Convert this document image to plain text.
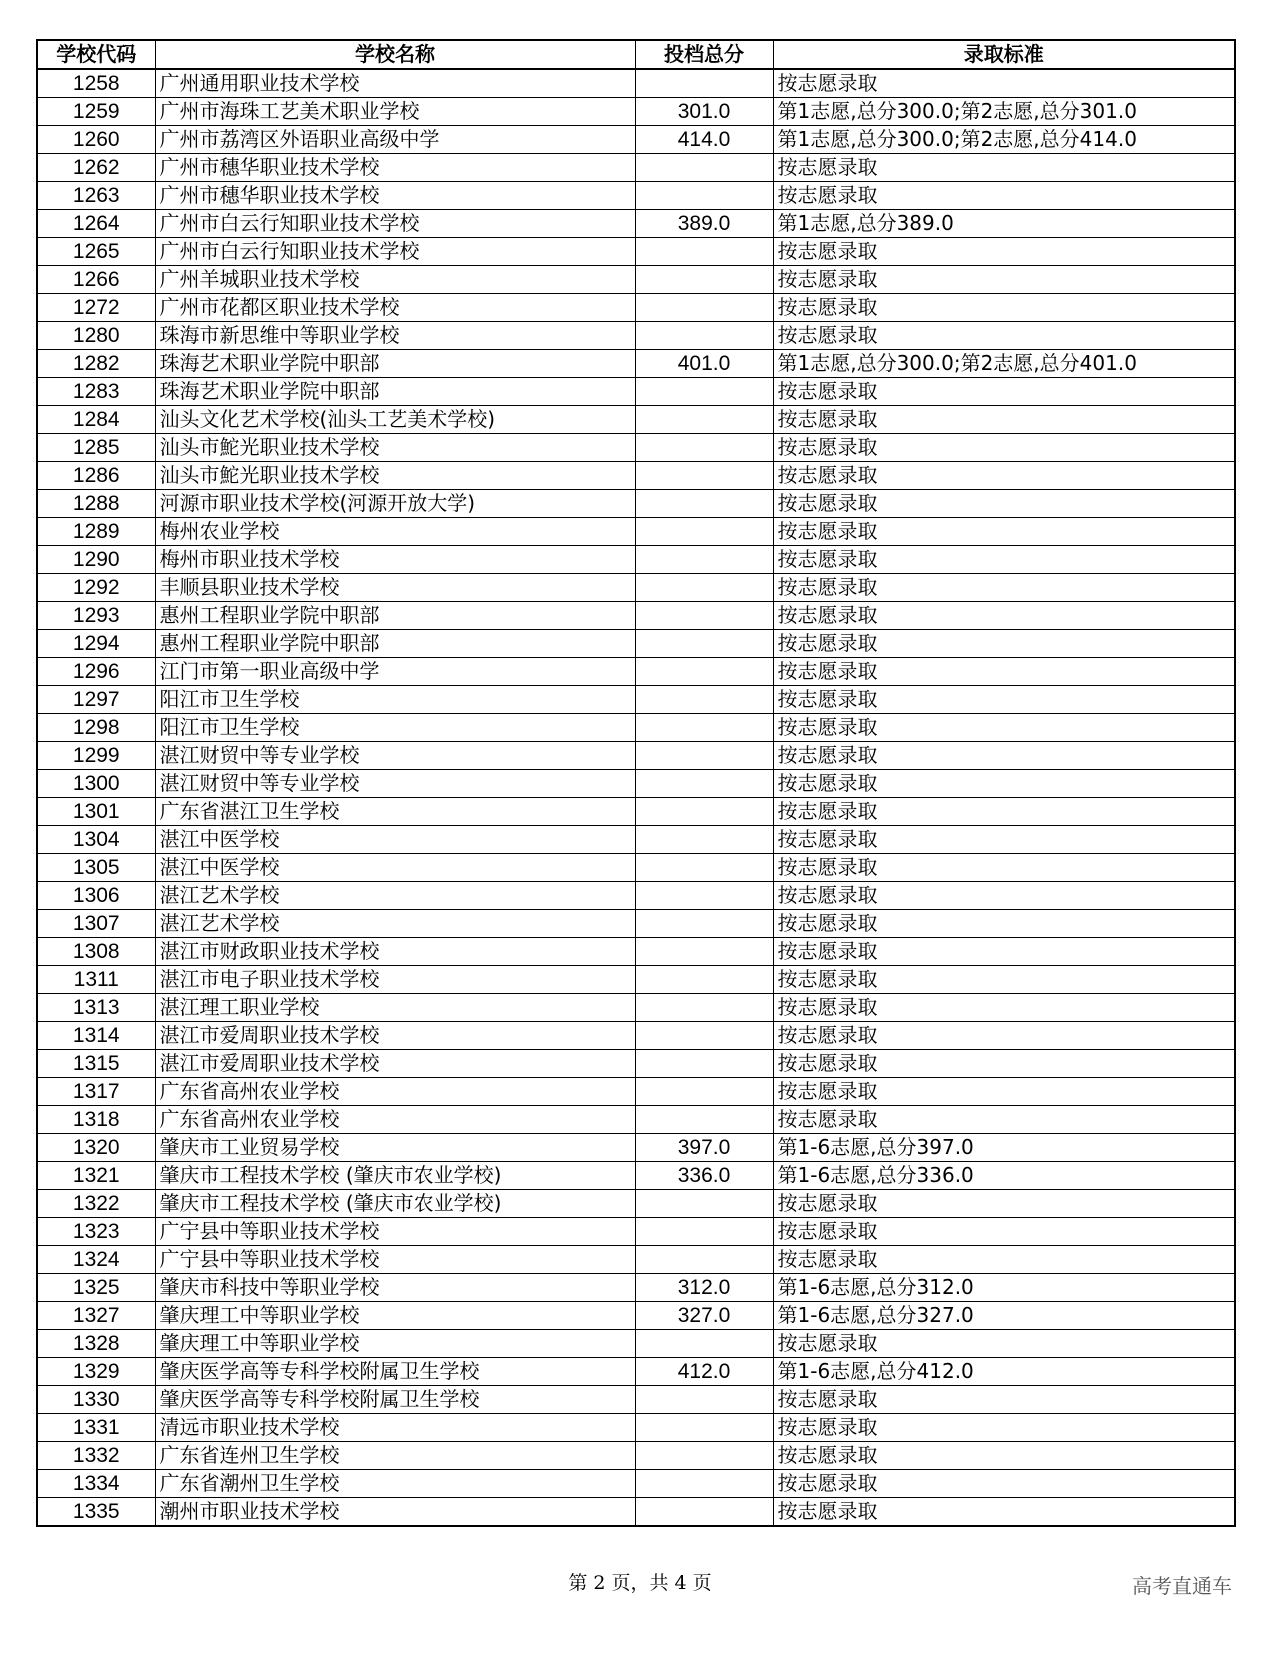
学校代码	学校名称	投档总分	录取标准
1258	广州通用职业技术学校		按志愿录取
1259	广州市海珠工艺美术职业学校	301.0	第1志愿,总分300.0;第2志愿,总分301.0
1260	广州市荔湾区外语职业高级中学	414.0	第1志愿,总分300.0;第2志愿,总分414.0
1262	广州市穗华职业技术学校		按志愿录取
1263	广州市穗华职业技术学校		按志愿录取
1264	广州市白云行知职业技术学校	389.0	第1志愿,总分389.0
1265	广州市白云行知职业技术学校		按志愿录取
1266	广州羊城职业技术学校		按志愿录取
1272	广州市花都区职业技术学校		按志愿录取
1280	珠海市新思维中等职业学校		按志愿录取
1282	珠海艺术职业学院中职部	401.0	第1志愿,总分300.0;第2志愿,总分401.0
1283	珠海艺术职业学院中职部		按志愿录取
1284	汕头文化艺术学校(汕头工艺美术学校)		按志愿录取
1285	汕头市鮀光职业技术学校		按志愿录取
1286	汕头市鮀光职业技术学校		按志愿录取
1288	河源市职业技术学校(河源开放大学)		按志愿录取
1289	梅州农业学校		按志愿录取
1290	梅州市职业技术学校		按志愿录取
1292	丰顺县职业技术学校		按志愿录取
1293	惠州工程职业学院中职部		按志愿录取
1294	惠州工程职业学院中职部		按志愿录取
1296	江门市第一职业高级中学		按志愿录取
1297	阳江市卫生学校		按志愿录取
1298	阳江市卫生学校		按志愿录取
1299	湛江财贸中等专业学校		按志愿录取
1300	湛江财贸中等专业学校		按志愿录取
1301	广东省湛江卫生学校		按志愿录取
1304	湛江中医学校		按志愿录取
1305	湛江中医学校		按志愿录取
1306	湛江艺术学校		按志愿录取
1307	湛江艺术学校		按志愿录取
1308	湛江市财政职业技术学校		按志愿录取
1311	湛江市电子职业技术学校		按志愿录取
1313	湛江理工职业学校		按志愿录取
1314	湛江市爱周职业技术学校		按志愿录取
1315	湛江市爱周职业技术学校		按志愿录取
1317	广东省高州农业学校		按志愿录取
1318	广东省高州农业学校		按志愿录取
1320	肇庆市工业贸易学校	397.0	第1-6志愿,总分397.0
1321	肇庆市工程技术学校 (肇庆市农业学校)	336.0	第1-6志愿,总分336.0
1322	肇庆市工程技术学校 (肇庆市农业学校)		按志愿录取
1323	广宁县中等职业技术学校		按志愿录取
1324	广宁县中等职业技术学校		按志愿录取
1325	肇庆市科技中等职业学校	312.0	第1-6志愿,总分312.0
1327	肇庆理工中等职业学校	327.0	第1-6志愿,总分327.0
1328	肇庆理工中等职业学校		按志愿录取
1329	肇庆医学高等专科学校附属卫生学校	412.0	第1-6志愿,总分412.0
1330	肇庆医学高等专科学校附属卫生学校		按志愿录取
1331	清远市职业技术学校		按志愿录取
1332	广东省连州卫生学校		按志愿录取
1334	广东省潮州卫生学校		按志愿录取
1335	潮州市职业技术学校		按志愿录取
第 2 页，共 4 页	高考直通车
